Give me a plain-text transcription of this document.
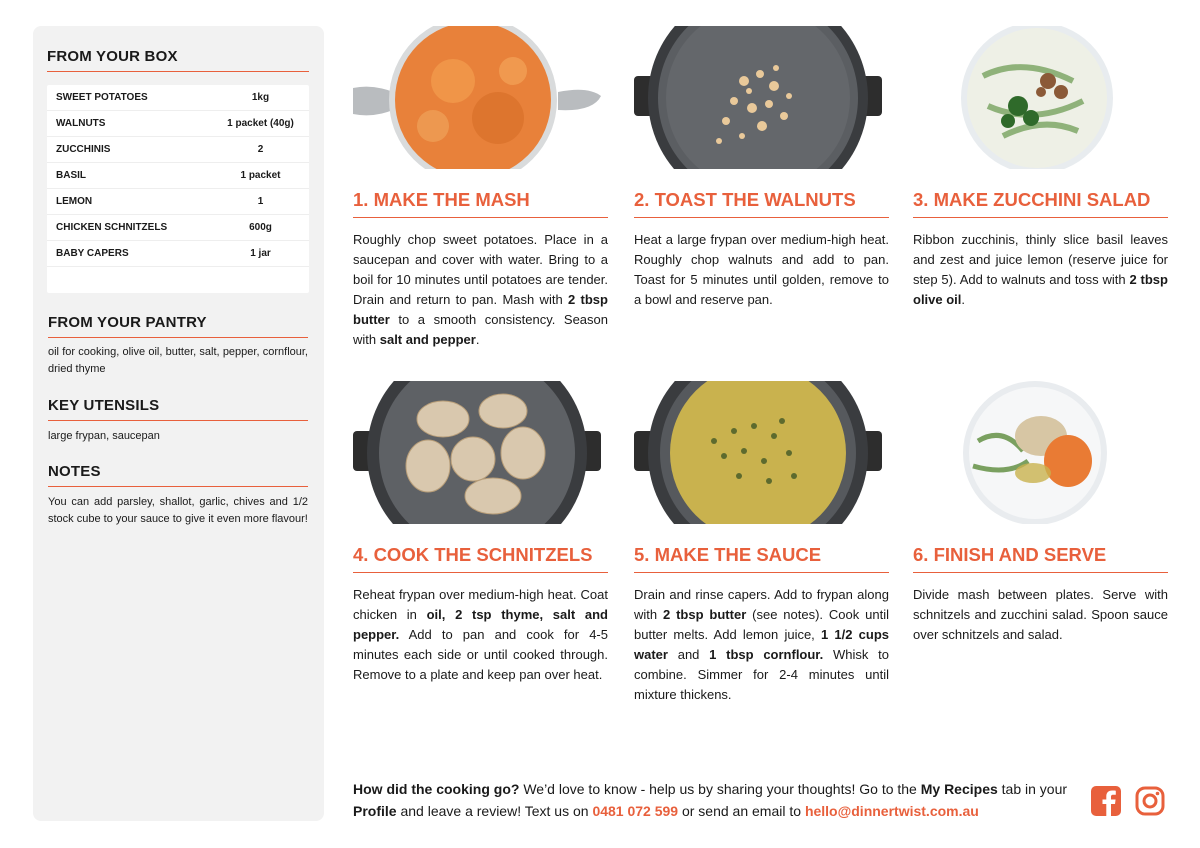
FROM YOUR BOX
SWEET POTATOES	1kg
WALNUTS	1 packet (40g)
ZUCCHINIS	2
BASIL	1 packet
LEMON	1
CHICKEN SCHNITZELS	600g
BABY CAPERS	1 jar
FROM YOUR PANTRY
oil for cooking, olive oil, butter, salt, pepper, cornflour, dried thyme
KEY UTENSILS
large frypan, saucepan
NOTES
You can add parsley, shallot, garlic, chives and 1/2 stock cube to your sauce to give it even more flavour!
1. MAKE THE MASH
Roughly chop sweet potatoes. Place in a saucepan and cover with water. Bring to a boil for 10 minutes until potatoes are tender. Drain and return to pan. Mash with 2 tbsp butter to a smooth consistency. Season with salt and pepper.
2. TOAST THE WALNUTS
Heat a large frypan over medium-high heat. Roughly chop walnuts and add to pan. Toast for 5 minutes until golden, remove to a bowl and reserve pan.
3. MAKE ZUCCHINI SALAD
Ribbon zucchinis, thinly slice basil leaves and zest and juice lemon (reserve juice for step 5). Add to walnuts and toss with 2 tbsp olive oil.
4. COOK THE SCHNITZELS
Reheat frypan over medium-high heat. Coat chicken in oil, 2 tsp thyme, salt and pepper. Add to pan and cook for 4-5 minutes each side or until cooked through. Remove to a plate and keep pan over heat.
5. MAKE THE SAUCE
Drain and rinse capers. Add to frypan along with 2 tbsp butter (see notes). Cook until butter melts. Add lemon juice, 1 1/2 cups water and 1 tbsp cornflour. Whisk to combine. Simmer for 2-4 minutes until mixture thickens.
6. FINISH AND SERVE
Divide mash between plates. Serve with schnitzels and zucchini salad. Spoon sauce over schnitzels and salad.
How did the cooking go? We’d love to know - help us by sharing your thoughts! Go to the My Recipes tab in your Profile and leave a review! Text us on 0481 072 599 or send an email to hello@dinnertwist.com.au
